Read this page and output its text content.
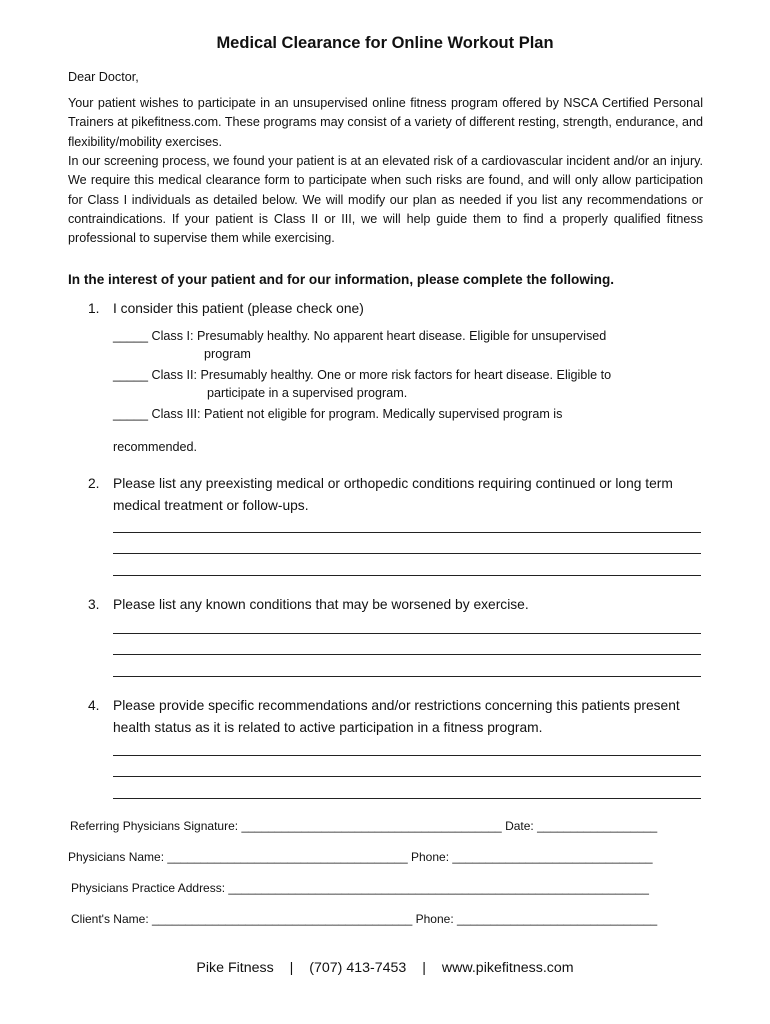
Medical Clearance for Online Workout Plan
Dear Doctor,
Your patient wishes to participate in an unsupervised online fitness program offered by NSCA Certified Personal Trainers at pikefitness.com. These programs may consist of a variety of different resting, strength, endurance, and flexibility/mobility exercises.
In our screening process, we found your patient is at an elevated risk of a cardiovascular incident and/or an injury. We require this medical clearance form to participate when such risks are found, and will only allow participation for Class I individuals as detailed below. We will modify our plan as needed if you list any recommendations or contraindications. If your patient is Class II or III, we will help guide them to find a properly qualified fitness professional to supervise them while exercising.
In the interest of your patient and for our information, please complete the following.
1. I consider this patient (please check one)
_____ Class I: Presumably healthy. No apparent heart disease. Eligible for unsupervised
program
_____ Class II: Presumably healthy. One or more risk factors for heart disease. Eligible to
participate in a supervised program.
_____ Class III: Patient not eligible for program. Medically supervised program is
recommended.
2. Please list any preexisting medical or orthopedic conditions requiring continued or long term medical treatment or follow-ups.
3. Please list any known conditions that may be worsened by exercise.
4. Please provide specific recommendations and/or restrictions concerning this patients present health status as it is related to active participation in a fitness program.
Referring Physicians Signature: _______________________________________ Date: __________________
Physicians Name: ____________________________________ Phone: ______________________________
Physicians Practice Address: _______________________________________________________________
Client's Name: _______________________________________ Phone: ______________________________
Pike Fitness | (707) 413-7453 | www.pikefitness.com
